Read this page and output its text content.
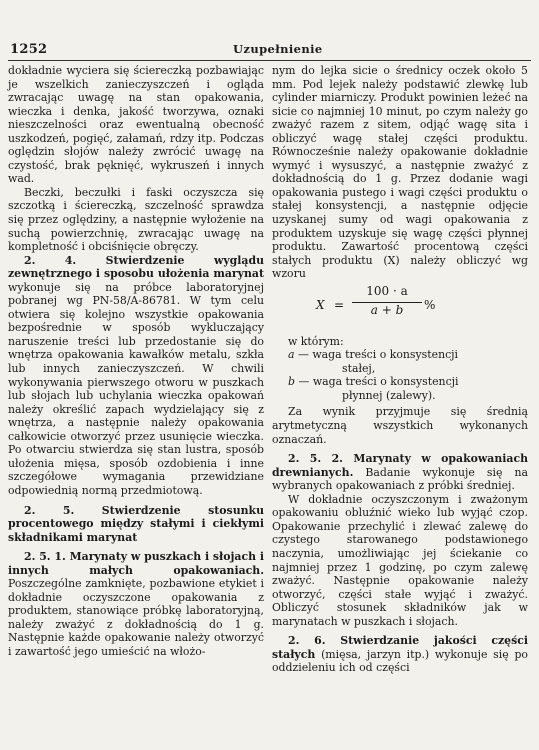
1252	Uzupełnienie

dokładnie wyciera się ściereczką pozbawiając je wszelkich zanieczyszczeń i ogląda zwracając uwagę na stan opakowania, wieczka i denka, jakość tworzywa, oznaki nieszczelności oraz ewentualną obecność uszkodzeń, pogięć, załamań, rdzy itp. Podczas oględzin słojów należy zwrócić uwagę na czystość, brak pęknięć, wykruszeń i innych wad.

Beczki, beczułki i faski oczyszcza się szczotką i ściereczką, szczelność sprawdza się przez oględziny, a następnie wyłożenie na suchą powierzchnię, zwracając uwagę na kompletność i obciśnięcie obręczy.

2. 4. Stwierdzenie wyglądu zewnętrznego i sposobu ułożenia marynat wykonuje się na próbce laboratoryjnej pobranej wg PN-58/A-86781. W tym celu otwiera się kolejno wszystkie opakowania bezpośrednie w sposób wykluczający naruszenie treści lub przedostanie się do wnętrza opakowania kawałków metalu, szkła lub innych zanieczyszczeń. W chwili wykonywania pierwszego otworu w puszkach lub słojach lub uchylania wieczka opakowań należy określić zapach wydzielający się z wnętrza, a następnie należy opakowania całkowicie otworzyć przez usunięcie wieczka. Po otwarciu stwierdza się stan lustra, sposób ułożenia mięsa, sposób ozdobienia i inne szczegółowe wymagania przewidziane odpowiednią normą przedmiotową.

2. 5. Stwierdzenie stosunku procentowego między stałymi i ciekłymi składnikami marynat

2. 5. 1. Marynaty w puszkach i słojach i innych małych opakowaniach. Poszczególne zamknięte, pozbawione etykiet i dokładnie oczyszczone opakowania z produktem, stanowiące próbkę laboratoryjną, należy zważyć z dokładnością do 1 g. Następnie każde opakowanie należy otworzyć i zawartość jego umieścić na włożo-

nym do lejka sicie o średnicy oczek około 5 mm. Pod lejek należy podstawić zlewkę lub cylinder miarniczy. Produkt powinien leżeć na sicie co najmniej 10 minut, po czym należy go zważyć razem z sitem, odjąć wagę sita i obliczyć wagę stałej części produktu. Równocześnie należy opakowanie dokładnie wymyć i wysuszyć, a następnie zważyć z dokładnością do 1 g. Przez dodanie wagi opakowania pustego i wagi części produktu o stałej konsystencji, a następnie odjęcie uzyskanej sumy od wagi opakowania z produktem uzyskuje się wagę części płynnej produktu. Zawartość procentową części stałych produktu (X) należy obliczyć wg wzoru

X =
100 · a
a + b	%

w którym:

a — waga treści o konsystencji

stałej,

b — waga treści o konsystencji

płynnej (zalewy).

Za wynik przyjmuje się średnią arytmetyczną wszystkich wykonanych oznaczań.

2. 5. 2. Marynaty w opakowaniach drewnianych. Badanie wykonuje się na wybranych opakowaniach z próbki średniej.

W dokładnie oczyszczonym i zważonym opakowaniu obluźnić wieko lub wyjąć czop. Opakowanie przechylić i zlewać zalewę do czystego starowanego podstawionego naczynia, umożliwiając jej ściekanie co najmniej przez 1 godzinę, po czym zalewę zważyć. Następnie opakowanie należy otworzyć, części stałe wyjąć i zważyć. Obliczyć stosunek składników jak w marynatach w puszkach i słojach.

2. 6. Stwierdzanie jakości części stałych (mięsa, jarzyn itp.) wykonuje się po oddzieleniu ich od części
